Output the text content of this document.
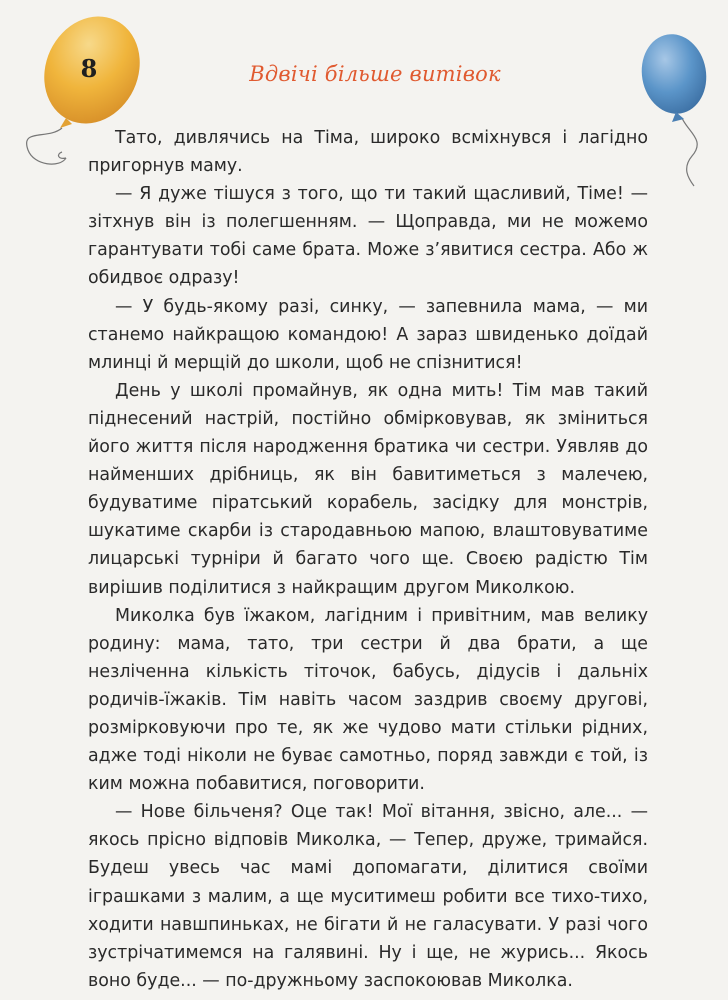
8	Вдвічі більше витівок

Тато, дивлячись на Тіма, широко всміхнувся і лагідно пригорнув маму.

— Я дуже тішуся з того, що ти такий щасливий, Тіме! — зітхнув він із полегшенням. — Щоправда, ми не можемо гарантувати тобі саме брата. Може з’явитися сестра. Або ж обидвоє одразу!

— У будь-якому разі, синку, — запевнила мама, — ми станемо найкращою командою! А зараз швиденько доїдай млинці й мерщій до школи, щоб не спізнитися!

День у школі промайнув, як одна мить! Тім мав такий піднесений настрій, постійно обмірковував, як зміниться його життя після народження братика чи сестри. Уявляв до найменших дрібниць, як він бавитиметься з малечею, будуватиме піратський корабель, засідку для монстрів, шукатиме скарби із стародавньою мапою, влаштовуватиме лицарські турніри й багато чого ще. Своєю радістю Тім вирішив поділитися з найкращим другом Миколкою.

Миколка був їжаком, лагідним і привітним, мав велику родину: мама, тато, три сестри й два брати, а ще незліченна кількість тіточок, бабусь, дідусів і дальніх родичів-їжаків. Тім навіть часом заздрив своєму другові, розмірковуючи про те, як же чудово мати стільки рідних, адже тоді ніколи не буває самотньо, поряд завжди є той, із ким можна побавитися, поговорити.

— Нове більченя? Оце так! Мої вітання, звісно, але... — якось прісно відповів Миколка, — Тепер, друже, тримайся. Будеш увесь час мамі допомагати, ділитися своїми іграшками з малим, а ще муситимеш робити все тихо-тихо, ходити навшпиньках, не бігати й не галасувати. У разі чого зустрічатимемся на галявині. Ну і ще, не журись... Якось воно буде... — по-дружньому заспокоював Миколка.
